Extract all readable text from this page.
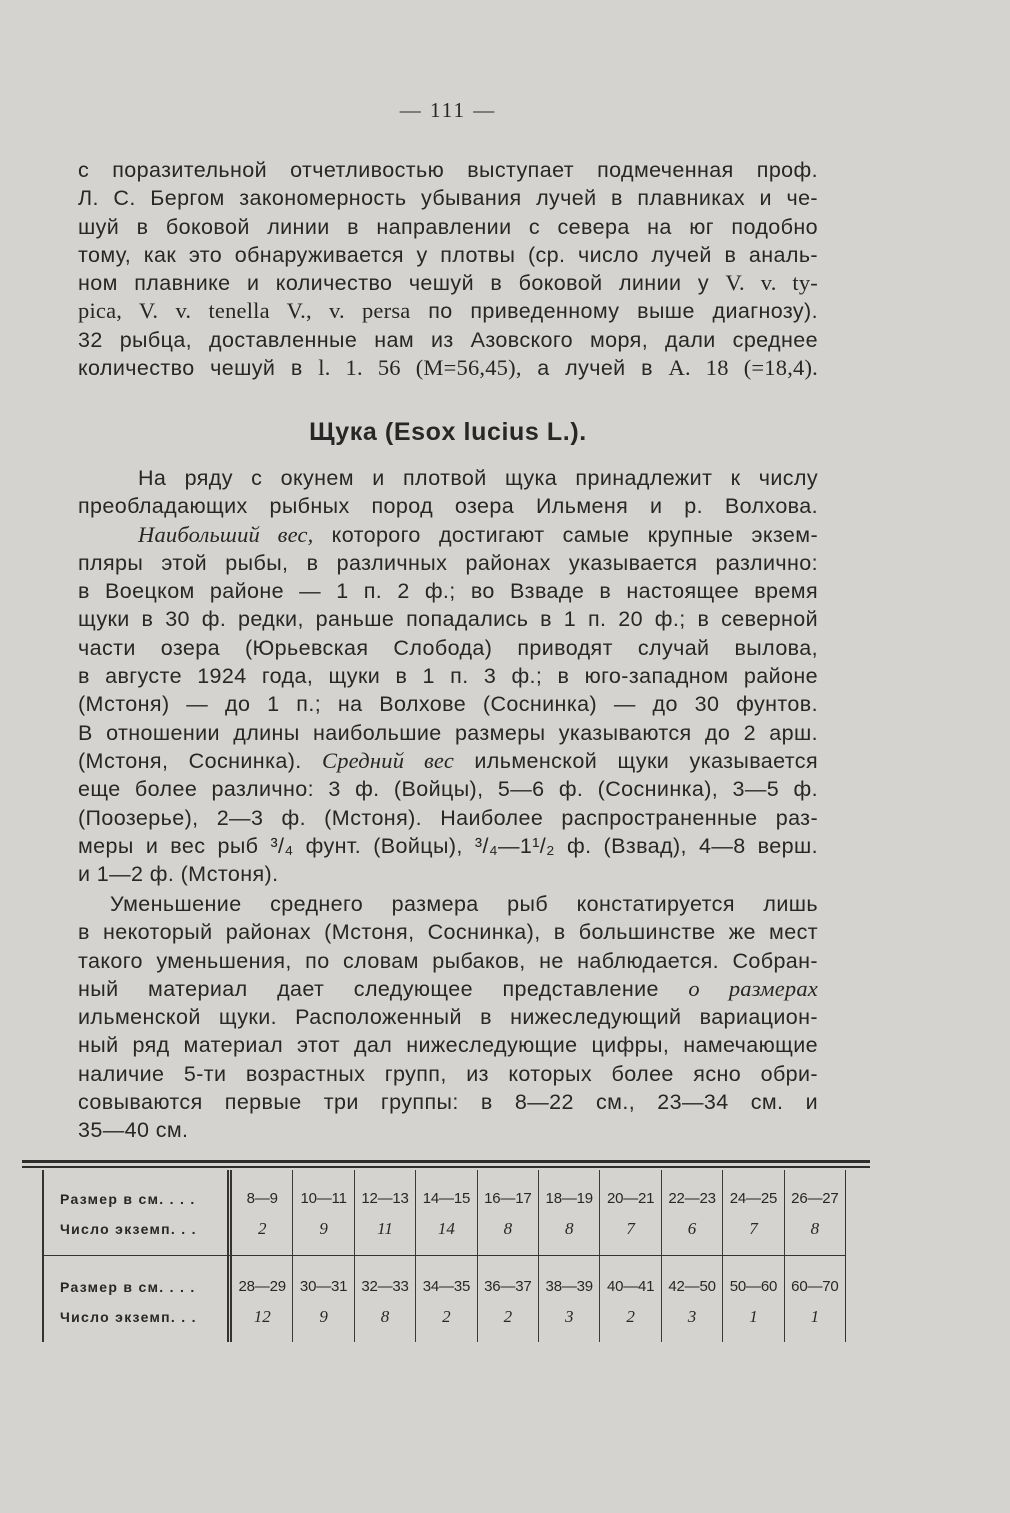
— 111 —
с поразительной отчетливостью выступает подмеченная проф.
Л. С. Бергом закономерность убывания лучей в плавниках и че-
шуй в боковой линии в направлении с севера на юг подобно
тому, как это обнаруживается у плотвы (ср. число лучей в аналь-
ном плавнике и количество чешуй в боковой линии у V. v. ty-
pica, V. v. tenella V., v. persa по приведенному выше диагнозу).
32 рыбца, доставленные нам из Азовского моря, дали среднее
количество чешуй в l. 1. 56 (M=56,45), а лучей в A. 18 (=18,4).
Щука (Esox lucius L.).
На ряду с окунем и плотвой щука принадлежит к числу
преобладающих рыбных пород озера Ильменя и р. Волхова.
Наибольший вес, которого достигают самые крупные экзем-
пляры этой рыбы, в различных районах указывается различно:
в Воецком районе — 1 п. 2 ф.; во Взваде в настоящее время
щуки в 30 ф. редки, раньше попадались в 1 п. 20 ф.; в северной
части озера (Юрьевская Слобода) приводят случай вылова,
в августе 1924 года, щуки в 1 п. 3 ф.; в юго-западном районе
(Мстоня) — до 1 п.; на Волхове (Соснинка) — до 30 фунтов.
В отношении длины наибольшие размеры указываются до 2 арш.
(Мстоня, Соснинка). Средний вес ильменской щуки указывается
еще более различно: 3 ф. (Войцы), 5—6 ф. (Соснинка), 3—5 ф.
(Поозерье), 2—3 ф. (Мстоня). Наиболее распространенные раз-
меры и вес рыб ³/₄ фунт. (Войцы), ³/₄—1¹/₂ ф. (Взвад), 4—8 верш.
и 1—2 ф. (Мстоня).
Уменьшение среднего размера рыб констатируется лишь
в некоторый районах (Мстоня, Соснинка), в большинстве же мест
такого уменьшения, по словам рыбаков, не наблюдается. Собран-
ный материал дает следующее представление о размерах
ильменской щуки. Расположенный в нижеследующий вариацион-
ный ряд материал этот дал нижеследующие цифры, намечающие
наличие 5-ти возрастных групп, из которых более ясно обри-
совываются первые три группы: в 8—22 см., 23—34 см. и
35—40 см.
Размер в см. . . .
Число экземп. . .
8—9
2
10—11
9
12—13
11
14—15
14
16—17
8
18—19
8
20—21
7
22—23
6
24—25
7
26—27
8
Размер в см. . . .
Число экземп. . .
28—29
12
30—31
9
32—33
8
34—35
2
36—37
2
38—39
3
40—41
2
42—50
3
50—60
1
60—70
1
